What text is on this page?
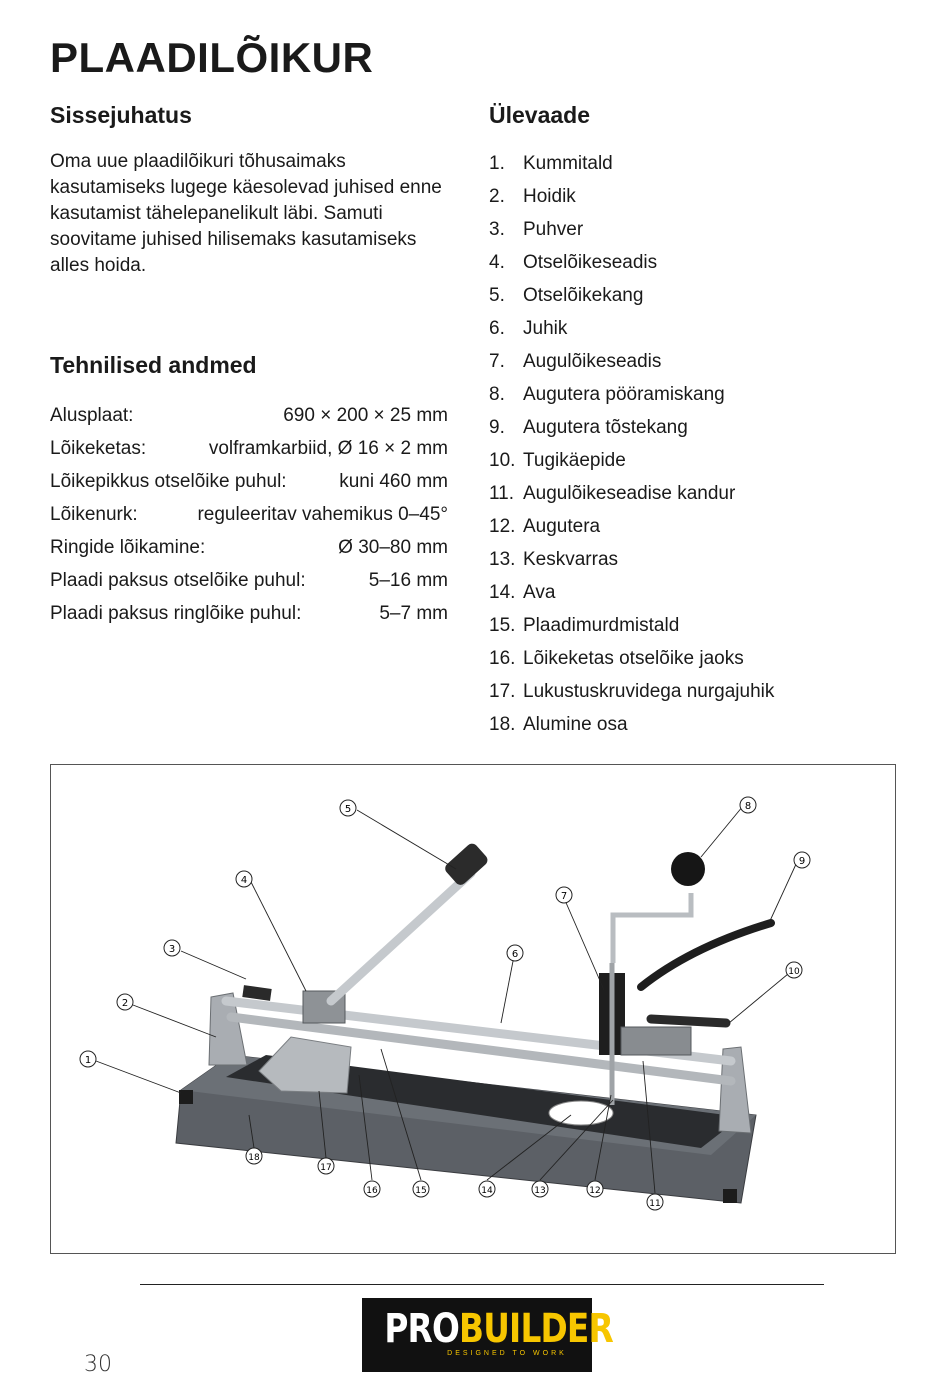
PLAADILÕIKUR
Sissejuhatus

Oma uue plaadilõikuri tõhusaimaks kasutamiseks lugege käesolevad juhised enne kasutamist tähelepanelikult läbi. Samuti soovitame juhised hilisemaks kasutamiseks alles hoida.

Tehnilised andmed
Alusplaat:	690 × 200 × 25 mm
Lõikeketas:	volframkarbiid, Ø 16 × 2 mm
Lõikepikkus otselõike puhul:	kuni 460 mm
Lõikenurk:	reguleeritav vahemikus 0–45°
Ringide lõikamine:	Ø 30–80 mm
Plaadi paksus otselõike puhul:	5–16 mm
Plaadi paksus ringlõike puhul:	5–7 mm
Ülevaade
1. Kummitald
2. Hoidik
3. Puhver
4. Otselõikeseadis
5. Otselõikekang
6. Juhik
7. Augulõikeseadis
8. Augutera pööramiskang
9. Augutera tõstekang
10. Tugikäepide
11. Augulõikeseadise kandur
12. Augutera
13. Keskvarras
14. Ava
15. Plaadimurdmistald
16. Lõikeketas otselõike jaoks
17. Lukustuskruvidega nurgajuhik
18. Alumine osa
1
2
3
4
5
6
7
8
9
10
11
12
13
14
15
16
17
18
PROBUILDER
DESIGNED TO WORK
30
